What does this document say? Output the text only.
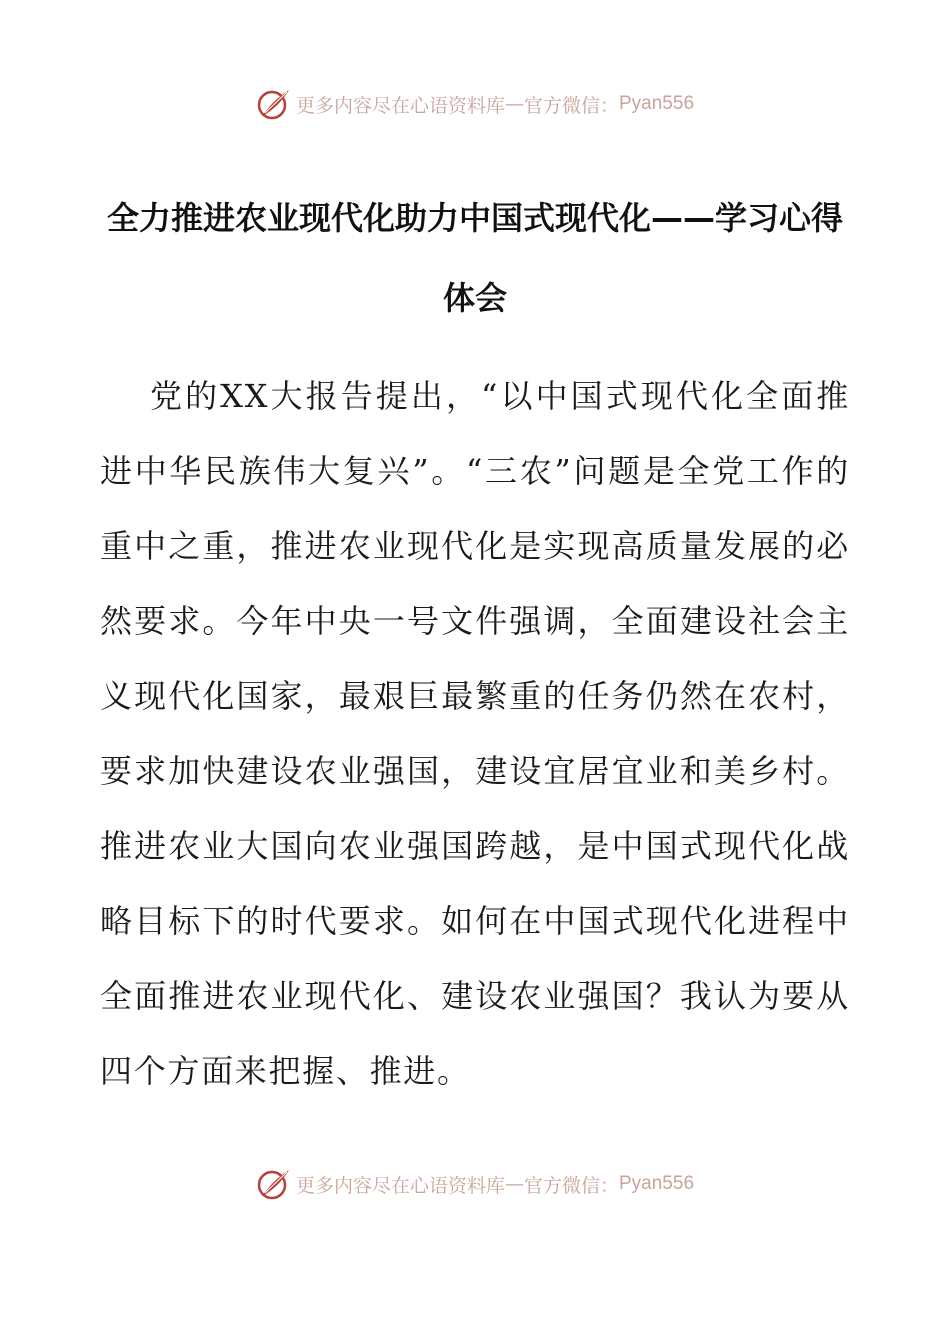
更多内容尽在心语资料库 — 官方微信： Pyan556
全力推进农业现代化助力中国式现代化——学习心得体会

党的XX大报告提出，“以中国式现代化全面推进中华民族伟大复兴”。“三农”问题是全党工作的重中之重，推进农业现代化是实现高质量发展的必然要求。今年中央一号文件强调，全面建设社会主义现代化国家，最艰巨最繁重的任务仍然在农村，要求加快建设农业强国，建设宜居宜业和美乡村。推进农业大国向农业强国跨越，是中国式现代化战略目标下的时代要求。如何在中国式现代化进程中全面推进农业现代化、建设农业强国？我认为要从四个方面来把握、推进。

更多内容尽在心语资料库 — 官方微信： Pyan556
